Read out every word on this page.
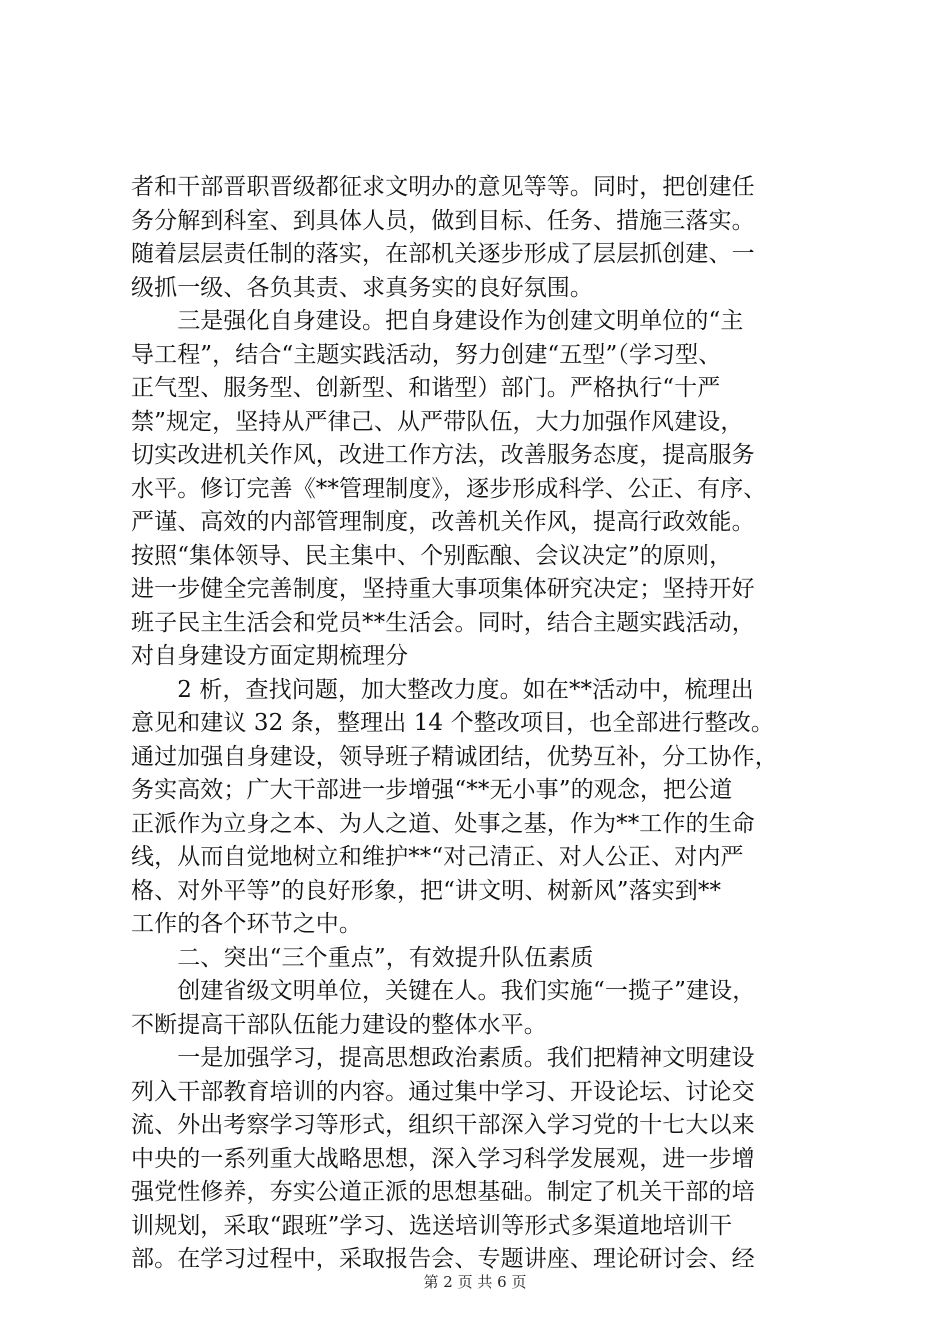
者和干部晋职晋级都征求文明办的意见等等。同时，把创建任
务分解到科室、到具体人员，做到目标、任务、措施三落实。
随着层层责任制的落实，在部机关逐步形成了层层抓创建、一
级抓一级、各负其责、求真务实的良好氛围。
　　三是强化自身建设。把自身建设作为创建文明单位的“主
导工程”，结合“主题实践活动，努力创建“五型”（学习型、
正气型、服务型、创新型、和谐型）部门。严格执行“十严
禁”规定，坚持从严律己、从严带队伍，大力加强作风建设，
切实改进机关作风，改进工作方法，改善服务态度，提高服务
水平。修订完善《**管理制度》，逐步形成科学、公正、有序、
严谨、高效的内部管理制度，改善机关作风，提高行政效能。
按照“集体领导、民主集中、个别酝酿、会议决定”的原则，
进一步健全完善制度，坚持重大事项集体研究决定；坚持开好
班子民主生活会和党员**生活会。同时，结合主题实践活动，
对自身建设方面定期梳理分
　　2 析，查找问题，加大整改力度。如在**活动中，梳理出
意见和建议 32 条，整理出 14 个整改项目，也全部进行整改。
通过加强自身建设，领导班子精诚团结，优势互补，分工协作，
务实高效；广大干部进一步增强“**无小事”的观念，把公道
正派作为立身之本、为人之道、处事之基，作为**工作的生命
线，从而自觉地树立和维护**“对己清正、对人公正、对内严
格、对外平等”的良好形象，把“讲文明、树新风”落实到**
工作的各个环节之中。
　　二、突出“三个重点”，有效提升队伍素质
　　创建省级文明单位，关键在人。我们实施“一揽子”建设，
不断提高干部队伍能力建设的整体水平。
　　一是加强学习，提高思想政治素质。我们把精神文明建设
列入干部教育培训的内容。通过集中学习、开设论坛、讨论交
流、外出考察学习等形式，组织干部深入学习党的十七大以来
中央的一系列重大战略思想，深入学习科学发展观，进一步增
强党性修养，夯实公道正派的思想基础。制定了机关干部的培
训规划，采取“跟班”学习、选送培训等形式多渠道地培训干
部。在学习过程中，采取报告会、专题讲座、理论研讨会、经
第 2 页 共 6 页
